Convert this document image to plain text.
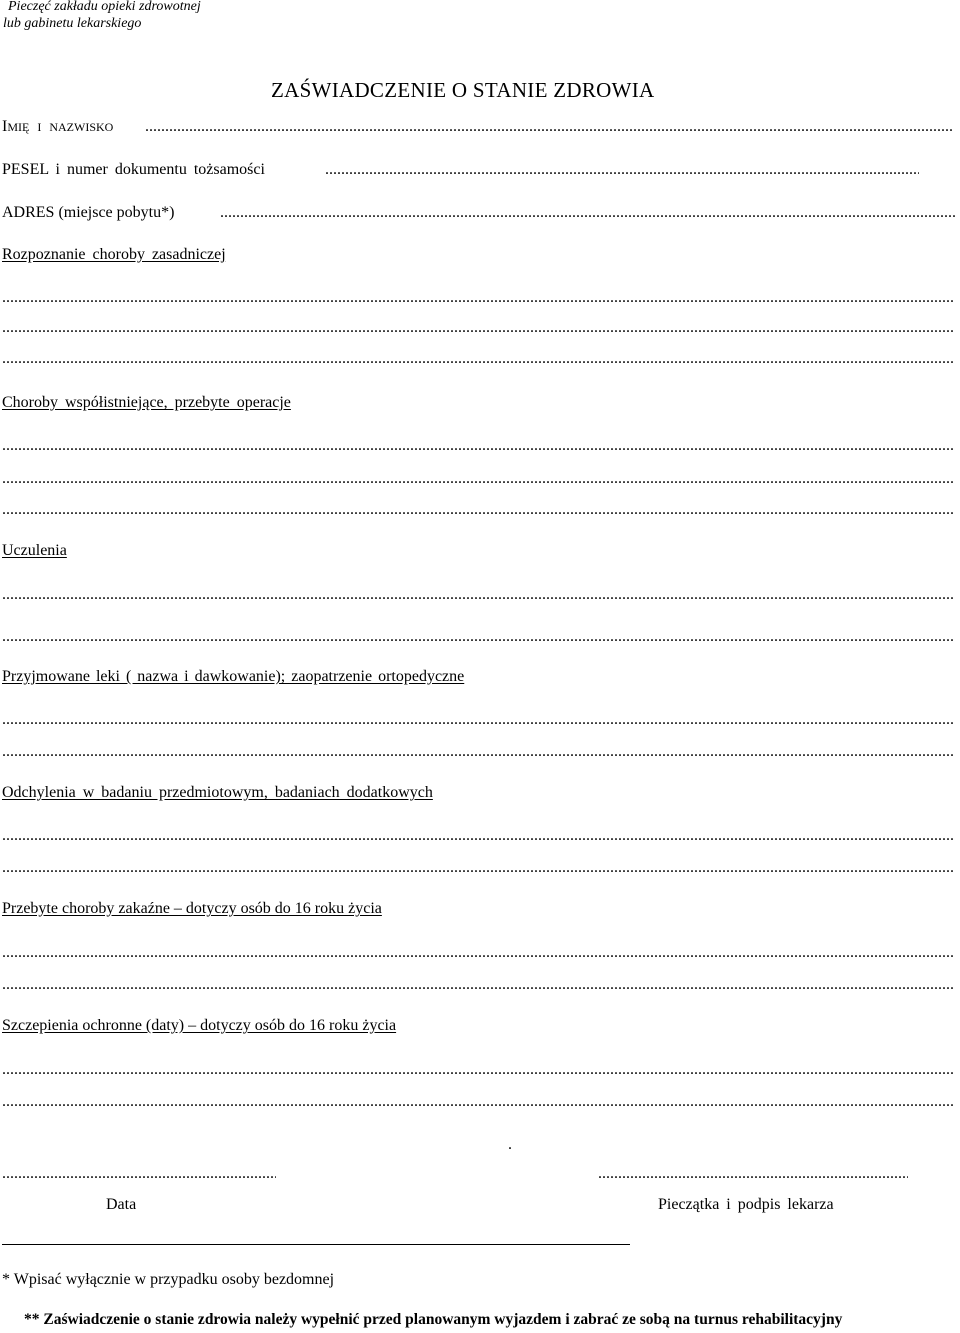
Pieczęć zakładu opieki zdrowotnej
lub gabinetu lekarskiego
ZAŚWIADCZENIE O STANIE ZDROWIA
IMIĘ I NAZWISKO
.....
PESEL i numer dokumentu tożsamości
.....
ADRES (miejsce pobytu*)
.....
Rozpoznanie choroby zasadniczej
.....
.....
.....
Choroby współistniejące, przebyte operacje
.....
.....
.....
Uczulenia
.....
.....
Przyjmowane leki ( nazwa i dawkowanie); zaopatrzenie ortopedyczne
.....
.....
Odchylenia w badaniu przedmiotowym, badaniach dodatkowych
.....
.....
Przebyte choroby zakaźne – dotyczy osób do 16 roku życia
.....
.....
Szczepienia ochronne (daty) – dotyczy osób do 16 roku życia
.....
.....
.
.....
.....
Data	Pieczątka i podpis lekarza
* Wpisać wyłącznie w przypadku osoby bezdomnej
** Zaświadczenie o stanie zdrowia należy wypełnić przed planowanym wyjazdem i zabrać ze sobą na turnus rehabilitacyjny
